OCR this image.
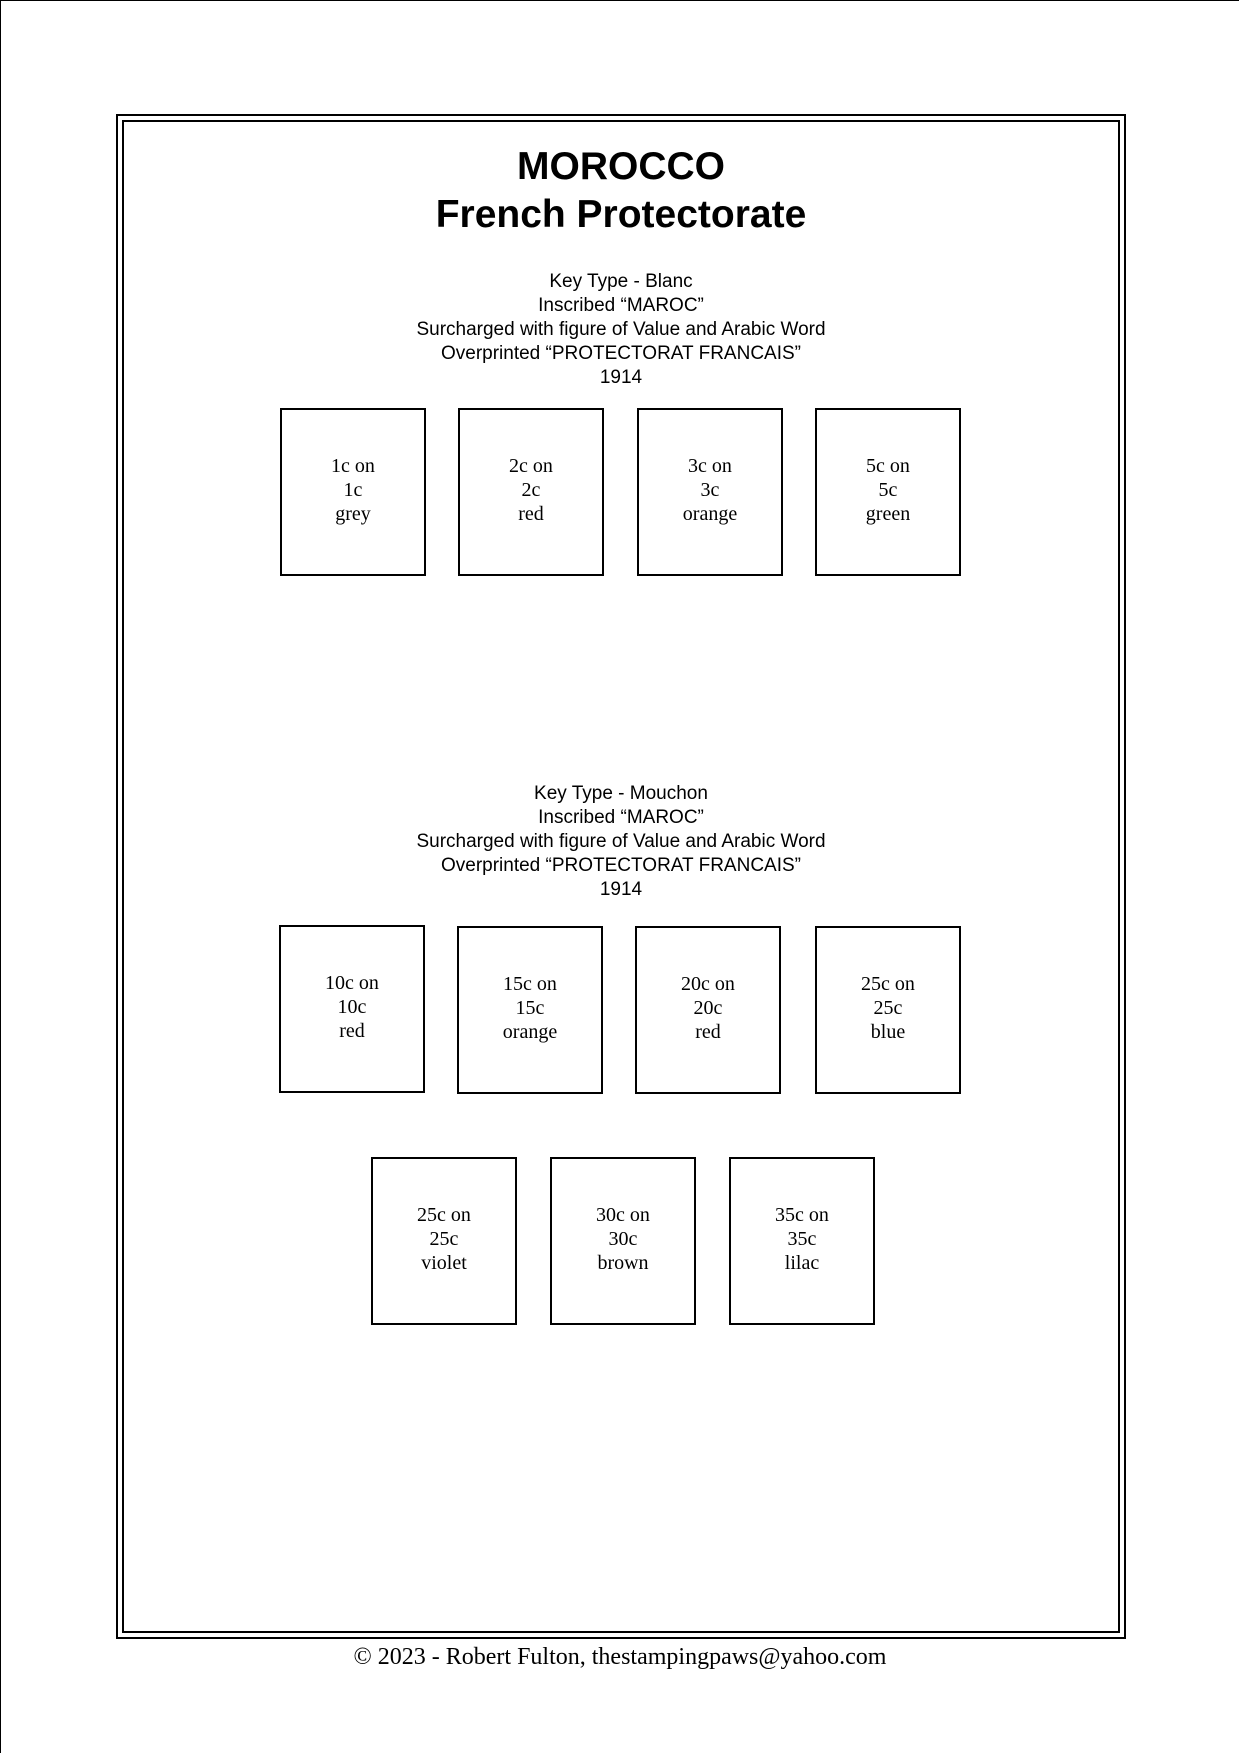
MOROCCO
French Protectorate
Key Type - Blanc
Inscribed “MAROC”
Surcharged with figure of Value and Arabic Word
Overprinted “PROTECTORAT FRANCAIS”
1914
1c on
1c
grey
2c on
2c
red
3c on
3c
orange
5c on
5c
green
Key Type - Mouchon
Inscribed “MAROC”
Surcharged with figure of Value and Arabic Word
Overprinted “PROTECTORAT FRANCAIS”
1914
10c on
10c
red
15c on
15c
orange
20c on
20c
red
25c on
25c
blue
25c on
25c
violet
30c on
30c
brown
35c on
35c
lilac
© 2023 - Robert Fulton, thestampingpaws@yahoo.com
